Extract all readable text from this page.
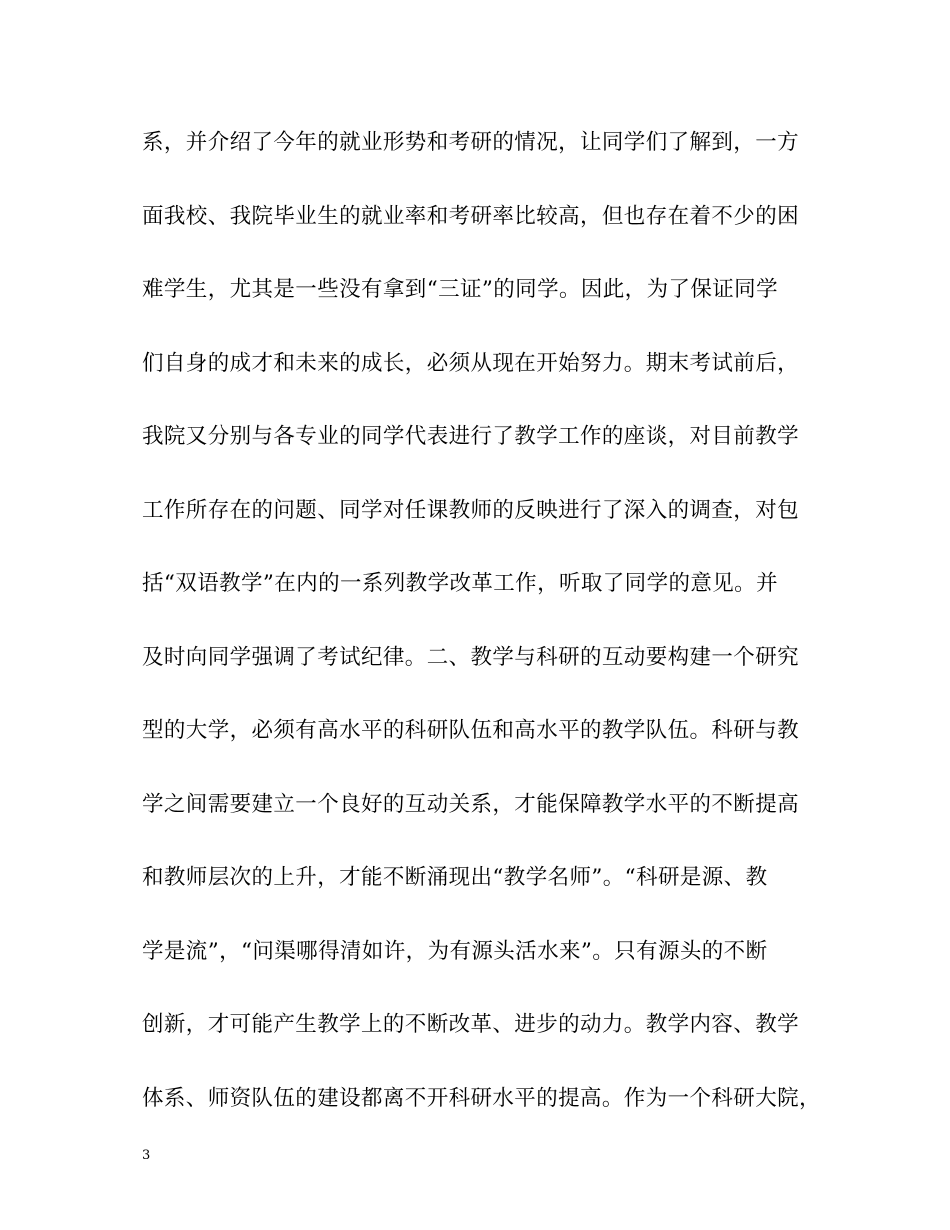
系，并介绍了今年的就业形势和考研的情况，让同学们了解到，一方
面我校、我院毕业生的就业率和考研率比较高，但也存在着不少的困
难学生，尤其是一些没有拿到“三证”的同学。因此，为了保证同学
们自身的成才和未来的成长，必须从现在开始努力。期末考试前后，
我院又分别与各专业的同学代表进行了教学工作的座谈，对目前教学
工作所存在的问题、同学对任课教师的反映进行了深入的调查，对包
括“双语教学”在内的一系列教学改革工作，听取了同学的意见。并
及时向同学强调了考试纪律。二、教学与科研的互动要构建一个研究
型的大学，必须有高水平的科研队伍和高水平的教学队伍。科研与教
学之间需要建立一个良好的互动关系，才能保障教学水平的不断提高
和教师层次的上升，才能不断涌现出“教学名师”。“科研是源、教
学是流”，“问渠哪得清如许，为有源头活水来”。只有源头的不断
创新，才可能产生教学上的不断改革、进步的动力。教学内容、教学
体系、师资队伍的建设都离不开科研水平的提高。作为一个科研大院，
3
